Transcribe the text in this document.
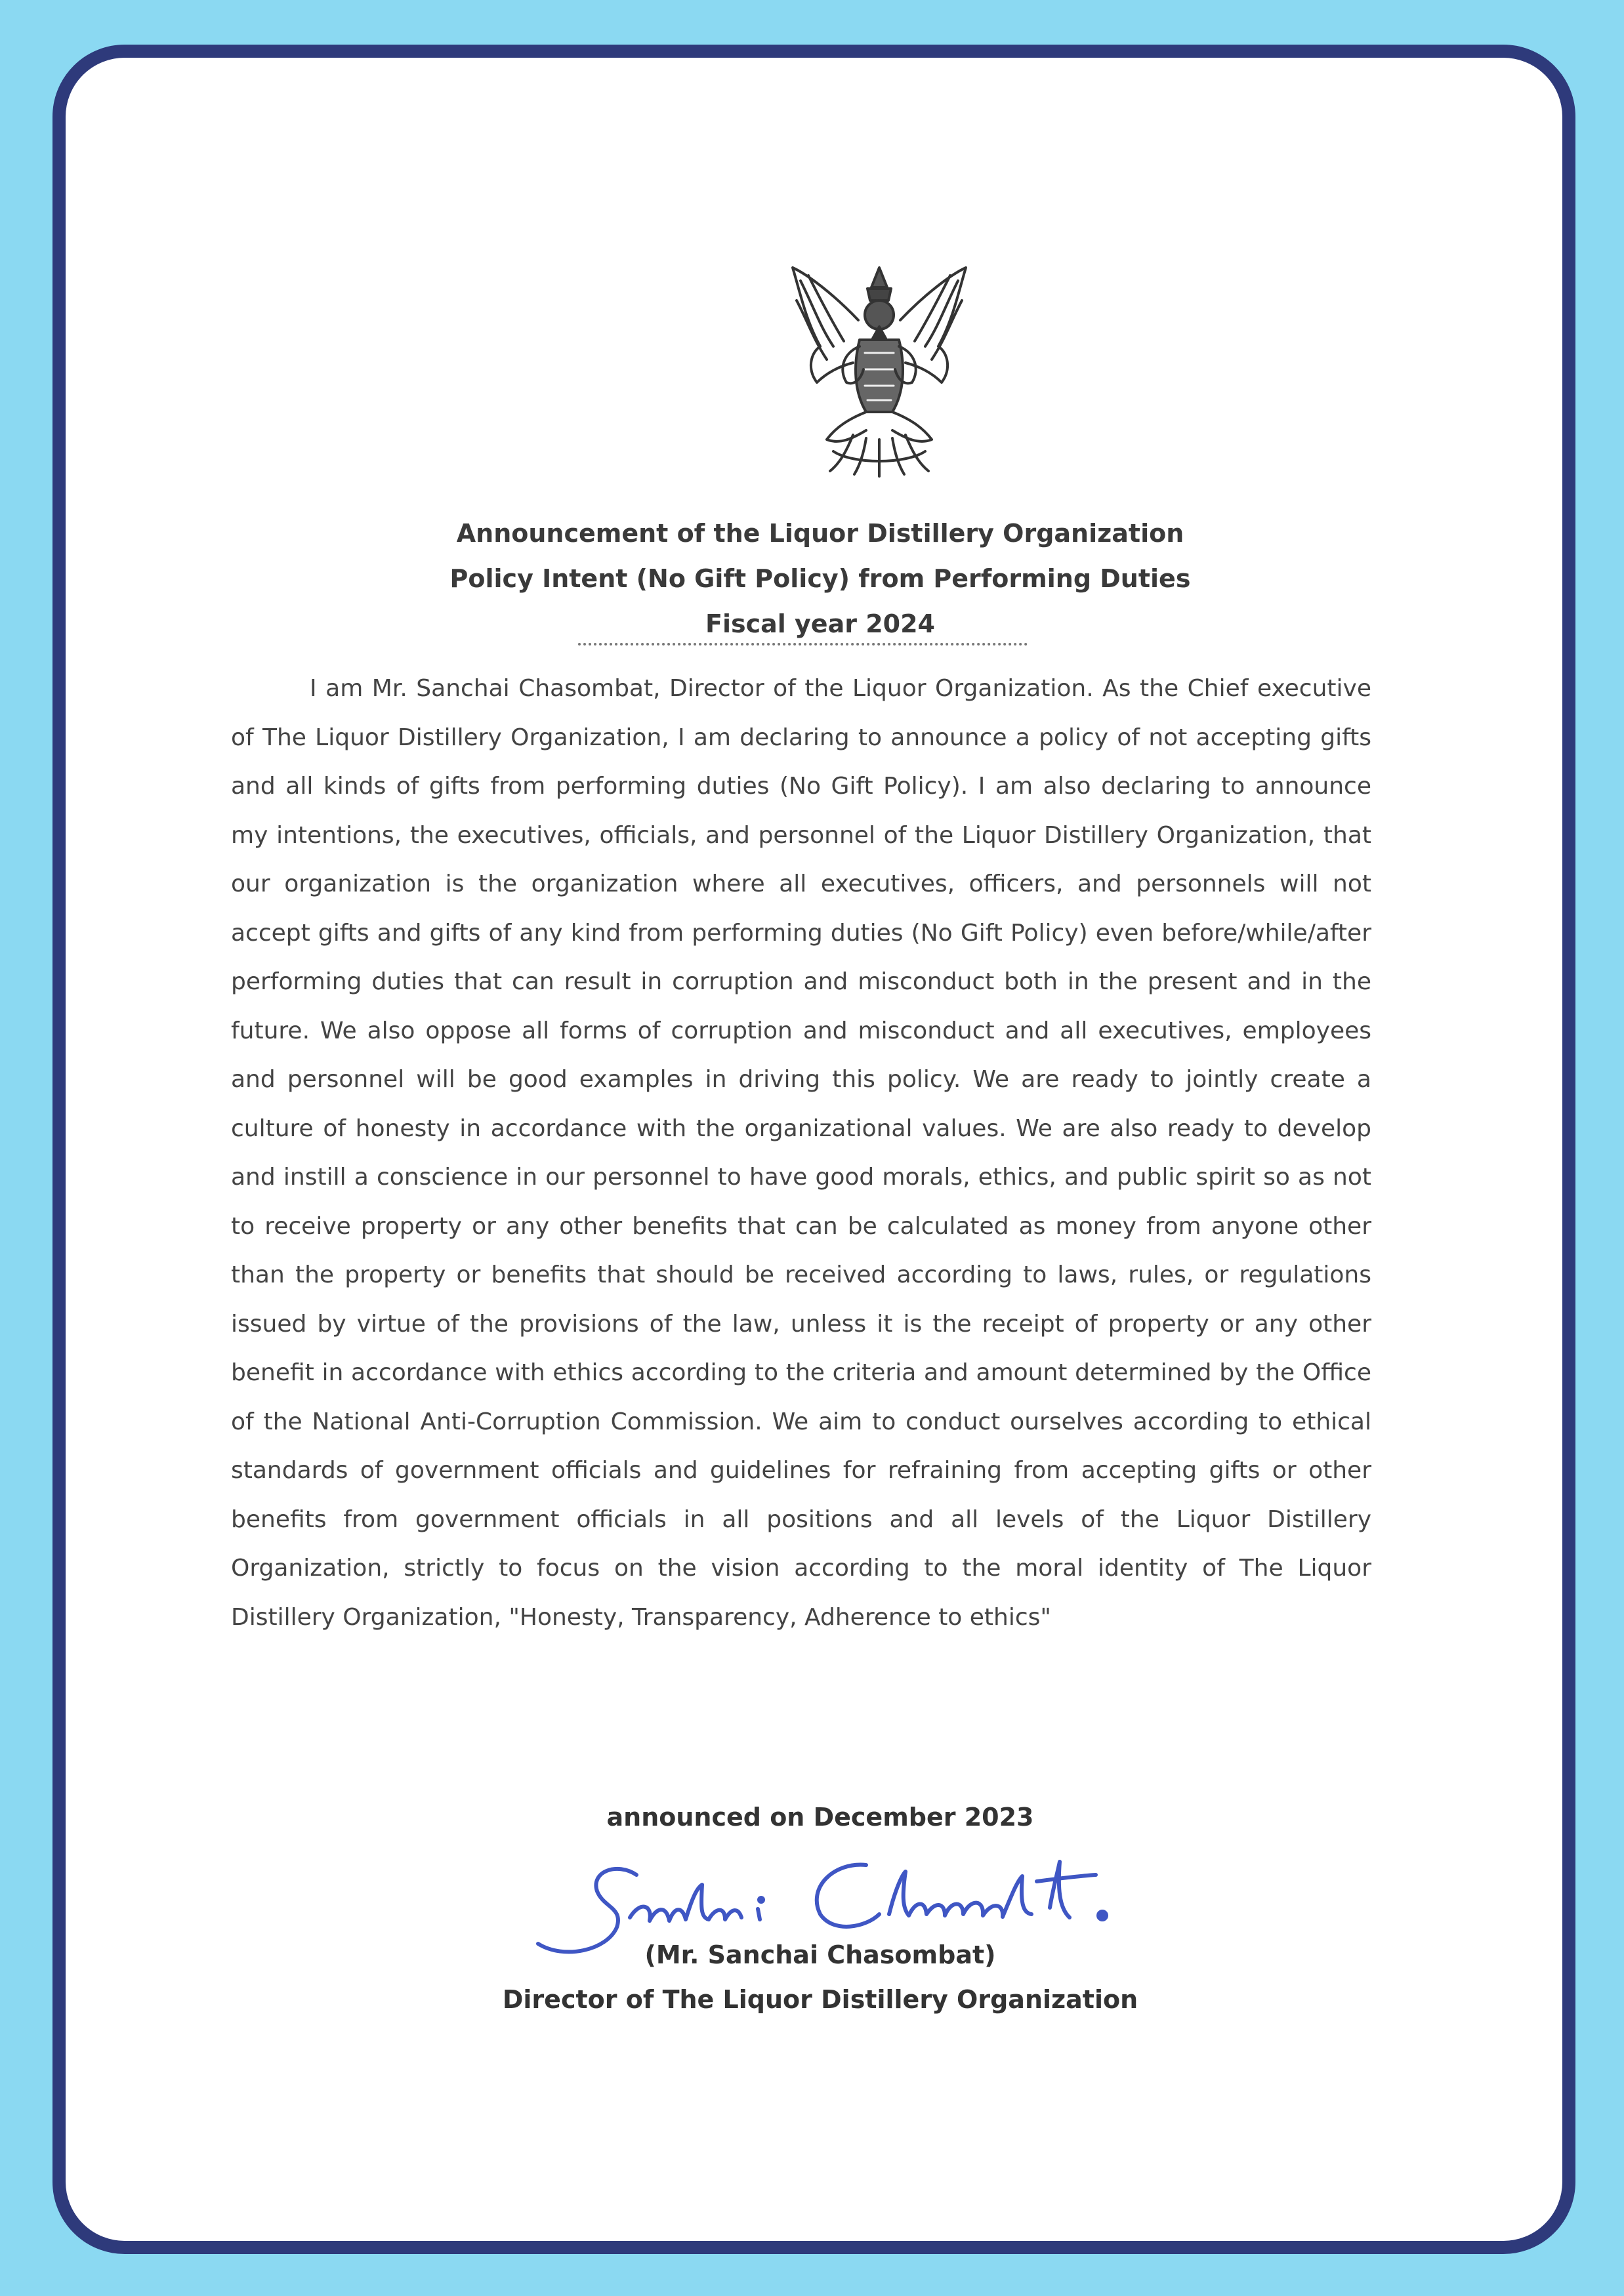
Announcement of the Liquor Distillery Organization
Policy Intent (No Gift Policy) from Performing Duties
Fiscal year 2024

I am Mr. Sanchai Chasombat, Director of the Liquor Organization. As the Chief executive of The Liquor Distillery Organization, I am declaring to announce a policy of not accepting gifts and all kinds of gifts from performing duties (No Gift Policy). I am also declaring to announce my intentions, the executives, officials, and personnel of the Liquor Distillery Organization, that our organization is the organization where all executives, officers, and personnels will not accept gifts and gifts of any kind from performing duties (No Gift Policy) even before/while/after performing duties that can result in corruption and misconduct both in the present and in the future. We also oppose all forms of corruption and misconduct and all executives, employees and personnel will be good examples in driving this policy. We are ready to jointly create a culture of honesty in accordance with the organizational values. We are also ready to develop and instill a conscience in our personnel to have good morals, ethics, and public spirit so as not to receive property or any other benefits that can be calculated as money from anyone other than the property or benefits that should be received according to laws, rules, or regulations issued by virtue of the provisions of the law, unless it is the receipt of property or any other benefit in accordance with ethics according to the criteria and amount determined by the Office of the National Anti-Corruption Commission. We aim to conduct ourselves according to ethical standards of government officials and guidelines for refraining from accepting gifts or other benefits from government officials in all positions and all levels of the Liquor Distillery Organization, strictly to focus on the vision according to the moral identity of The Liquor Distillery Organization, "Honesty, Transparency, Adherence to ethics"

announced on December 2023
(Mr. Sanchai Chasombat)
Director of The Liquor Distillery Organization
